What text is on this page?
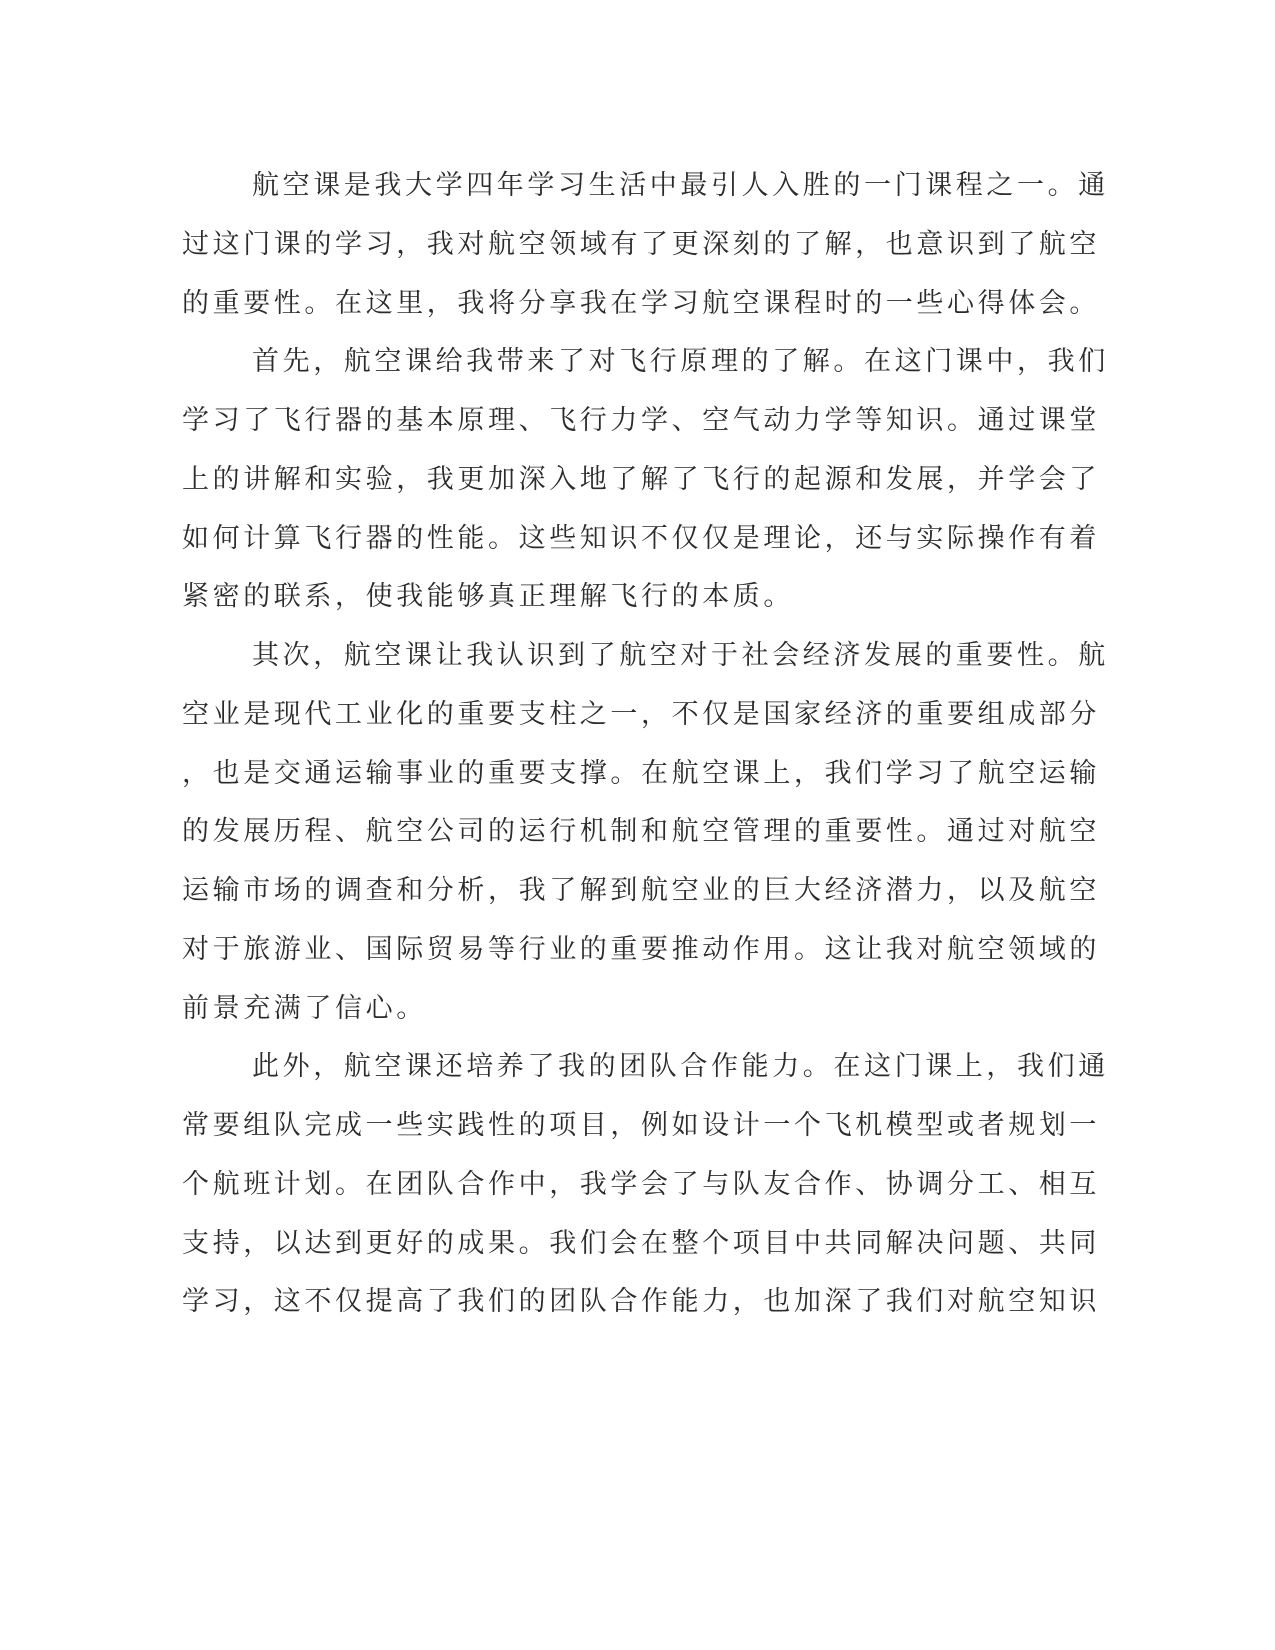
航空课是我大学四年学习生活中最引人入胜的一门课程之一。通
过这门课的学习，我对航空领域有了更深刻的了解，也意识到了航空
的重要性。在这里，我将分享我在学习航空课程时的一些心得体会。
首先，航空课给我带来了对飞行原理的了解。在这门课中，我们
学习了飞行器的基本原理、飞行力学、空气动力学等知识。通过课堂
上的讲解和实验，我更加深入地了解了飞行的起源和发展，并学会了
如何计算飞行器的性能。这些知识不仅仅是理论，还与实际操作有着
紧密的联系，使我能够真正理解飞行的本质。
其次，航空课让我认识到了航空对于社会经济发展的重要性。航
空业是现代工业化的重要支柱之一，不仅是国家经济的重要组成部分
，也是交通运输事业的重要支撑。在航空课上，我们学习了航空运输
的发展历程、航空公司的运行机制和航空管理的重要性。通过对航空
运输市场的调查和分析，我了解到航空业的巨大经济潜力，以及航空
对于旅游业、国际贸易等行业的重要推动作用。这让我对航空领域的
前景充满了信心。
此外，航空课还培养了我的团队合作能力。在这门课上，我们通
常要组队完成一些实践性的项目，例如设计一个飞机模型或者规划一
个航班计划。在团队合作中，我学会了与队友合作、协调分工、相互
支持，以达到更好的成果。我们会在整个项目中共同解决问题、共同
学习，这不仅提高了我们的团队合作能力，也加深了我们对航空知识
